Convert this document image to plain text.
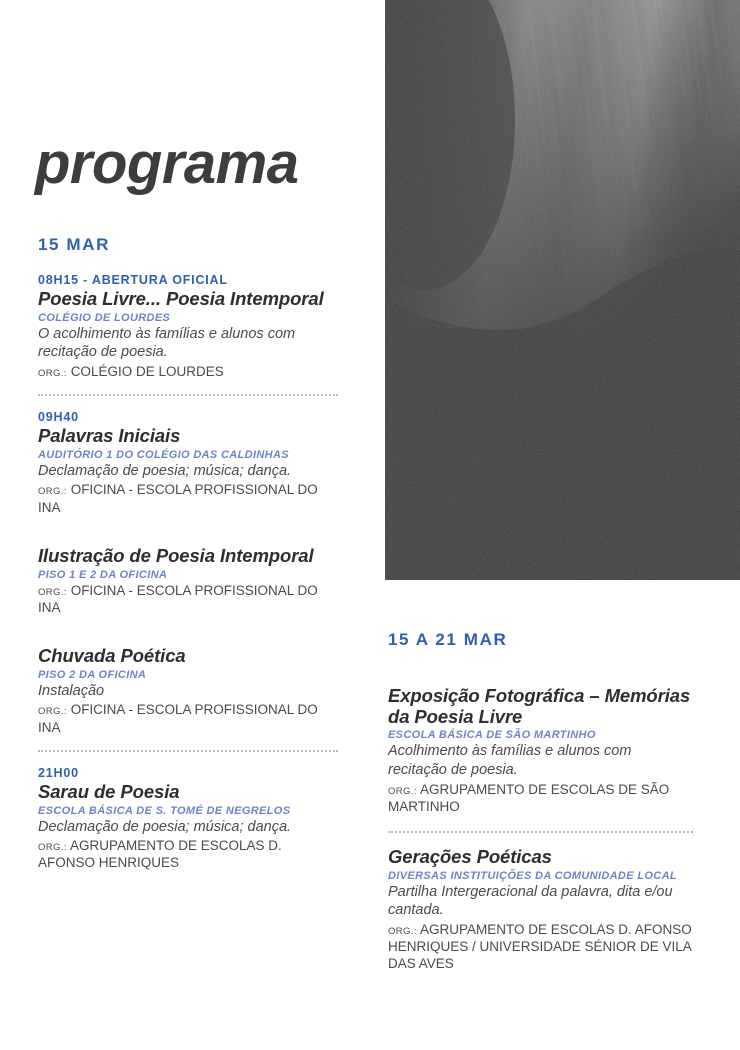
programa
15 MAR
08H15 - ABERTURA OFICIAL
Poesia Livre... Poesia Intemporal
COLÉGIO DE LOURDES
O acolhimento às famílias e alunos com recitação de poesia.
ORG.: COLÉGIO DE LOURDES
09H40
Palavras Iniciais
AUDITÓRIO 1 DO COLÉGIO DAS CALDINHAS
Declamação de poesia; música; dança.
ORG.: OFICINA - ESCOLA PROFISSIONAL DO INA
Ilustração de Poesia Intemporal
PISO 1 E 2 DA OFICINA
ORG.: OFICINA - ESCOLA PROFISSIONAL DO INA
Chuvada Poética
PISO 2 DA OFICINA
Instalação
ORG.: OFICINA - ESCOLA PROFISSIONAL DO INA
21H00
Sarau de Poesia
ESCOLA BÁSICA DE S. TOMÉ DE NEGRELOS
Declamação de poesia; música; dança.
ORG.: AGRUPAMENTO DE ESCOLAS D. AFONSO HENRIQUES
15 A 21 MAR
Exposição Fotográfica – Memórias da Poesia Livre
ESCOLA BÁSICA DE SÃO MARTINHO
Acolhimento às famílias e alunos com recitação de poesia.
ORG.: AGRUPAMENTO DE ESCOLAS DE SÃO MARTINHO
Gerações Poéticas
DIVERSAS INSTITUIÇÕES DA COMUNIDADE LOCAL
Partilha Intergeracional da palavra, dita e/ou cantada.
ORG.: AGRUPAMENTO DE ESCOLAS D. AFONSO HENRIQUES / UNIVERSIDADE SÉNIOR DE VILA DAS AVES
